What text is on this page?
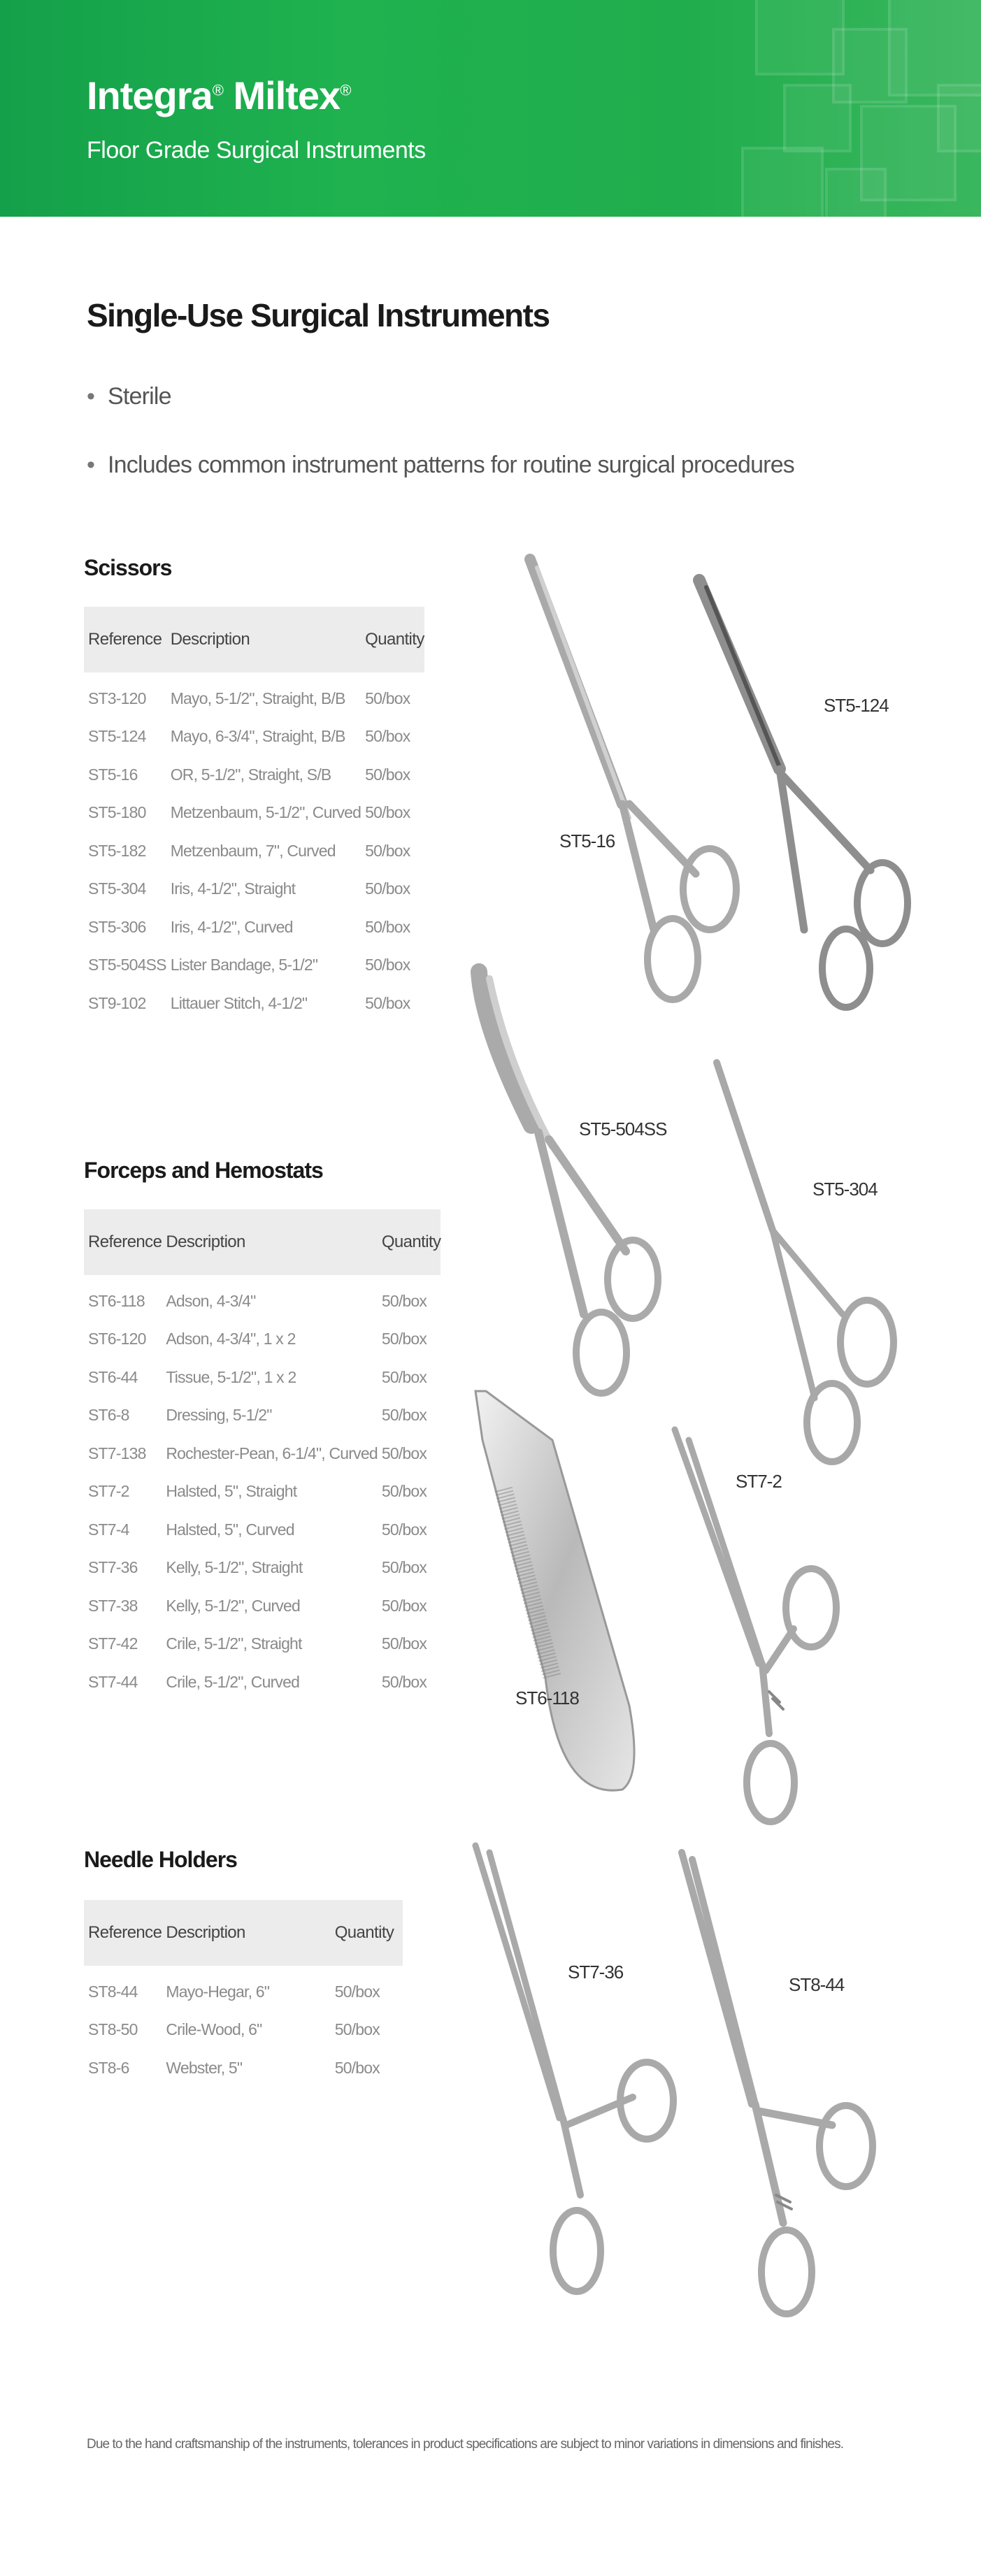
Integra® Miltex®
Floor Grade Surgical Instruments
Single-Use Surgical Instruments
• Sterile
• Includes common instrument patterns for routine surgical procedures
Scissors
Reference	Description	Quantity
ST3-120	Mayo, 5-1/2", Straight, B/B	50/box
ST5-124	Mayo, 6-3/4", Straight, B/B	50/box
ST5-16	OR, 5-1/2", Straight, S/B	50/box
ST5-180	Metzenbaum, 5-1/2", Curved	50/box
ST5-182	Metzenbaum, 7", Curved	50/box
ST5-304	Iris, 4-1/2", Straight	50/box
ST5-306	Iris, 4-1/2", Curved	50/box
ST5-504SS	Lister Bandage, 5-1/2"	50/box
ST9-102	Littauer Stitch, 4-1/2"	50/box
Forceps and Hemostats
Reference	Description	Quantity
ST6-118	Adson, 4-3/4"	50/box
ST6-120	Adson, 4-3/4", 1 x 2	50/box
ST6-44	Tissue, 5-1/2", 1 x 2	50/box
ST6-8	Dressing, 5-1/2"	50/box
ST7-138	Rochester-Pean, 6-1/4", Curved	50/box
ST7-2	Halsted, 5", Straight	50/box
ST7-4	Halsted, 5", Curved	50/box
ST7-36	Kelly, 5-1/2", Straight	50/box
ST7-38	Kelly, 5-1/2", Curved	50/box
ST7-42	Crile, 5-1/2", Straight	50/box
ST7-44	Crile, 5-1/2", Curved	50/box
Needle Holders
Reference	Description	Quantity
ST8-44	Mayo-Hegar, 6"	50/box
ST8-50	Crile-Wood, 6"	50/box
ST8-6	Webster, 5"	50/box
ST5-16
ST5-124
ST5-504SS
ST5-304
ST7-2
ST6-118
ST7-36
ST8-44
Due to the hand craftsmanship of the instruments, tolerances in product specifications are subject to minor variations in dimensions and finishes.
